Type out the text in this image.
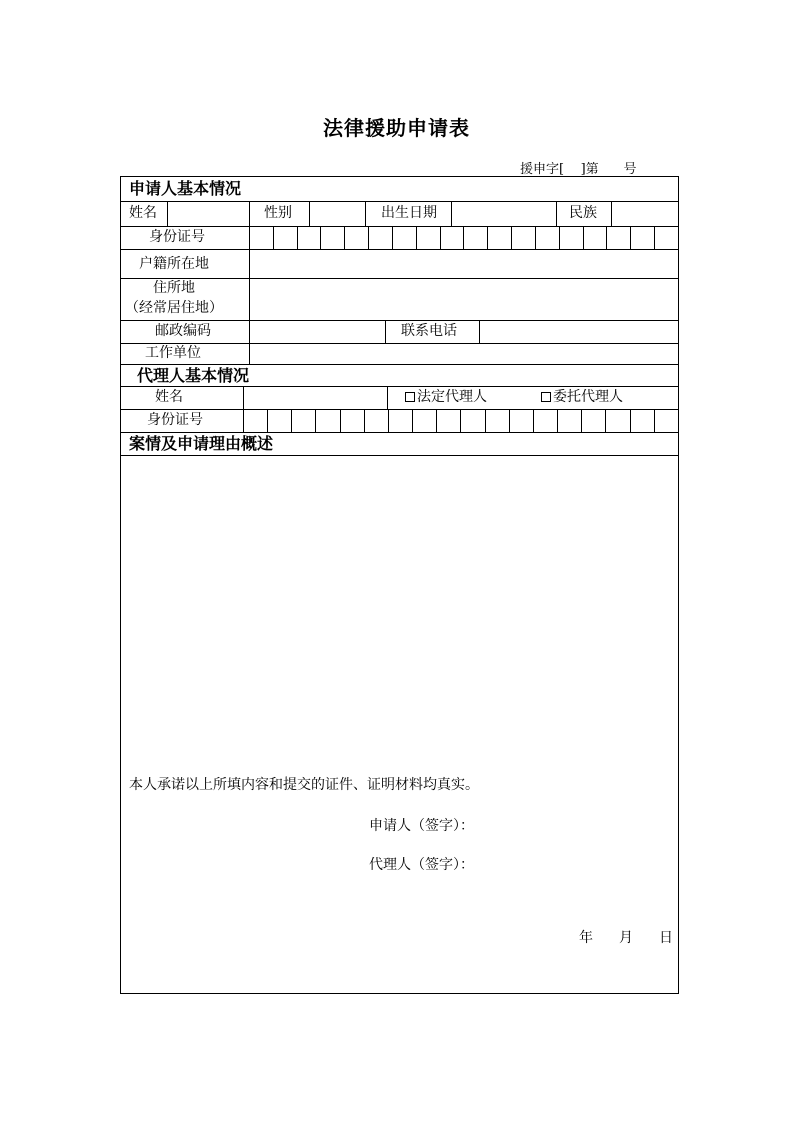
法律援助申请表
援申字[    ]第      号
申请人基本情况
姓名	性别	出生日期	民族
身份证号
户籍所在地
住所地
（经常居住地）
邮政编码	联系电话
工作单位
代理人基本情况
姓名	法定代理人	委托代理人
身份证号
案情及申请理由概述
本人承诺以上所填内容和提交的证件、证明材料均真实。
申请人（签字）：
代理人（签字）：
年 月 日
